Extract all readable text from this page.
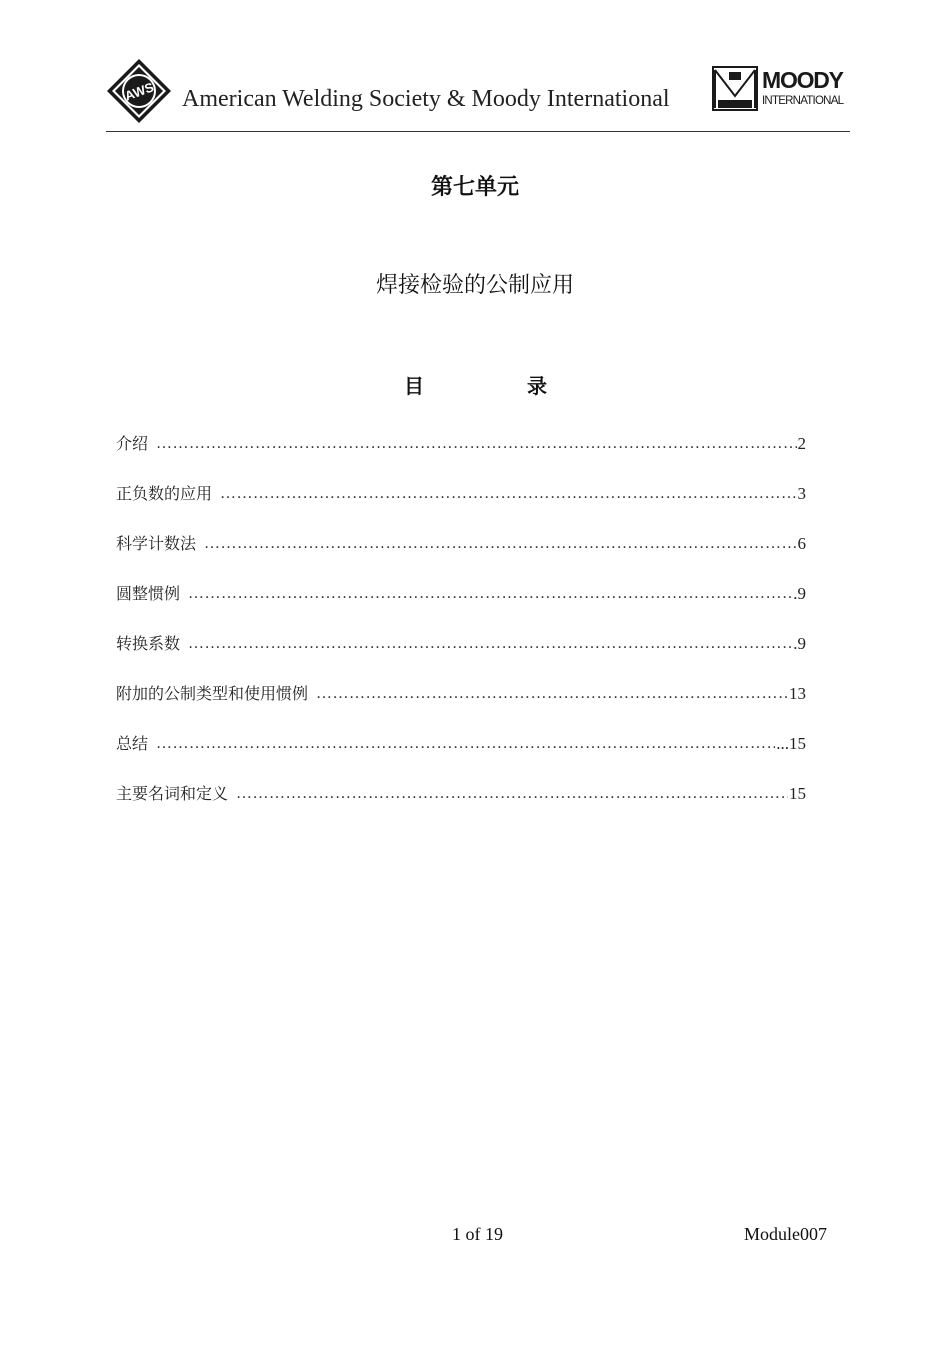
AWS American Welding Society & Moody International
MOODY
INTERNATIONAL
第七单元
焊接检验的公制应用
目	录
介绍 ……………………………………………………………………………………………………………………………………………	2
正负数的应用 ……………………………………………………………………………………………………………………………………………	3
科学计数法 ……………………………………………………………………………………………………………………………………………	6
圆整惯例 ……………………………………………………………………………………………………………………………………………	.9
转换系数 ……………………………………………………………………………………………………………………………………………	.9
附加的公制类型和使用惯例 ……………………………………………………………………………………………………………………………………………	13
总结 ……………………………………………………………………………………………………………………………………………	...15
主要名词和定义 ……………………………………………………………………………………………………………………………………………	15
1 of 19	Module007
